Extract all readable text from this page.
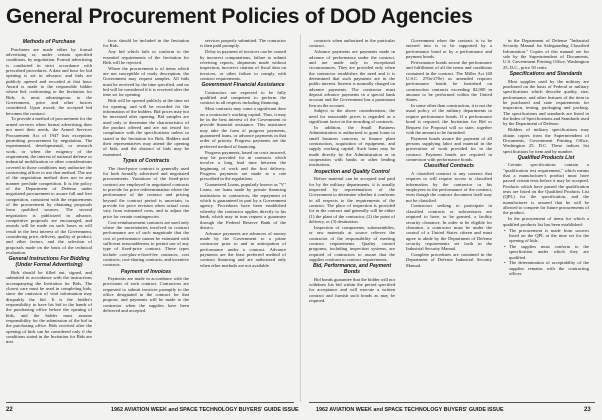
General Procurement Policies of DOD Agencies
Methods of Purchase

Purchases are made either by formal advertising or, under certain specified conditions, by negotiation. Formal advertising is conducted in strict accordance with prescribed procedures. A date and hour for bid opening is set in advance, and bids are publicly opened and recorded at that hour. Award is made to the responsible bidder whose bid, conforming to the Invitation for Bids, is most advantageous to the Government, price and other factors considered. Upon award, the accepted bid becomes the contract.

To provide a method of procurement for the armed services when formal advertising does not meet their needs, the Armed Services Procurement Act of 1947 lists exceptions permitting procurement by negotiation. The experimental, developmental, or research work, or when the exigency of the requirement, the interest of national defense or industrial mobilization or other considerations covered in those conditions may authorize the contracting officer to use that method. The use of the negotiation method does not in any manner preclude competition. It is the policy of the Department of Defense under negotiated procurement to assure full and free competition, consistent with the requirements of the procurement by obtaining proposals from qualified sources. The second negotiation is publicized in advance, competitive proposals are encouraged, and awards will be made on such bases as will result in the best interest of the Government, considering price, delivery, quality of product, and other factors, and the selection of proposals made on the basis of the technical evaluation.

General Instructions For Bidding (Under Formal Advertising)

Bids should be filled out, signed, and submitted in accordance with the instructions accompanying the Invitation for Bids. The closest care must be used in completing bids, since the omission of vital information may disqualify the bid. It is the bidder's responsibility to have his bid in the hands of the purchasing office before the opening of bids, and the bidder must assume responsibility for the submission of the bid in the purchasing office. Bids received after the opening of bids can be considered only if the conditions stated in the Invitation for Bids are met.

facts should be included in the Invitation for Bids.

Any bid which fails to conform to the essential requirements of the Invitation for Bids will be rejected.

Where the procurement is of items which are not susceptible of ready description, the Government may request samples. All bids must be received by the time specified, and no bid will be considered if it is received after the time set for opening.

Bids will be opened publicly at the time set for opening, and will be recorded for the information of the bidders. Bid prices may not be increased after opening. Bid samples are used only to determine the characteristics of the product offered and are not tested for compliance with the specifications unless so stated in the Invitation for Bids. Bidders and their representatives may attend the opening of bids, and the abstract of bids may be examined.

Types of Contracts

The fixed-price contract is generally used for both formally advertised and negotiated procurements. Variations of the fixed-price contract are employed in negotiated contracts to provide for price redetermination where the performance of the contract and pricing beyond the contract period is uncertain, to provide for price revision when actual costs vary from estimated costs, and to adjust the price for certain contingencies.

Cost-reimbursement contracts are used only where the uncertainties involved in contract performance are of such magnitude that the cost of performance cannot be estimated with sufficient reasonableness to permit use of any type of fixed-price contract. These types include cost-plus-a-fixed-fee contracts, cost contracts, cost-sharing contracts, and incentive contracts.

Payment of Invoices

Payments are made in accordance with the provisions of each contract. Contractors are requested to submit invoices promptly to the office designated in the contract for that purpose, and payments will be made to the contractor when the supplies have been delivered and accepted.

services properly submitted. The contractor is then paid promptly.

Delay in payment of invoices can be caused by incorrect computations, failure to submit receiving reports, shipments made without inspection, incorrect citation of fiscal data on invoices, or other failure to comply with contract requirements.

Government Financial Assistance

Contractors are expected to be fully qualified and competent to perform the contract in all respects including financing.

Most contracts may come a significant dose on a contractor's working capital. Thus, it may be in the best interest of the Government to provide financial assistance. This assistance may take the form of progress payments, guaranteed loans, or advance payments in that order of priority. Progress payments are the preferred method of financing.

Progress payments, based on costs incurred, may be provided for in contracts which involve a long lead time between the beginning of work and the first delivery. Progress payments are made at a rate prescribed in the regulations.

Guaranteed Loans, popularly known as "V" Loans, are loans made by private financing institutions to contractors, the repayment of which is guaranteed in part by a Government agency. Procedures have been established whereby the contractor applies directly to his bank, which may in turn request a guarantee through the Federal Reserve Bank of the district.

Advance payments are advances of money made by the Government to a prime contractor prior to and in anticipation of performance under a contract. Advance payments are the least preferred method of contract financing and are authorized only when other methods are not available.

contracts when authorized in the particular contract.

Advance payments are payments made in advance of performance under the contract, and are made only in exceptional circumstances. They are provided only when the contractor establishes the need and it is determined that such payments are in the public interest. Interest is normally charged on advance payments. The contractor must deposit advance payments in a special bank account and the Government has a paramount lien on the account.

Subject to the above considerations, the need for reasonable prices is regarded as a significant factor in the awarding of contracts.

In addition, the Small Business Administration is authorized to grant loans to small business concerns to finance plant construction, acquisition of equipment, and supply working capital. Such loans may be made directly by the Administration or in cooperation with banks or other lending institutions.

Inspection and Quality Control

Before material can be accepted and paid for by the military departments, it is usually inspected by representatives of the Government to determine whether it conforms in all respects to the requirements of the contract. The place of inspection is provided for in the contract and generally will be either (1) the plant of the contractor, (2) the point of delivery, or (3) destination.

Inspection of components, subassemblies, or raw materials at source relieves the contractor of the responsibility of meeting contract requirements. Quality control programs, including inspection systems, are required of contractors to assure that the supplies conform to contract requirements.

Bid, Performance, and Payment Bonds

Bid bonds guarantee that the bidder will not withdraw his bid within the period specified for acceptance and will execute a written contract and furnish such bonds as may be required.

Government when the contract is to be entered into is to be supported by a performance bond or by a performance and payment bonds.

Performance bonds secure the performance and fulfillment of all the terms and conditions contained in the contract. The Miller Act (40 U.S.C. 270a-270e) as amended requires performance bonds be furnished on construction contracts exceeding $2,000 in amount to be performed within the United States.

In some other than construction, it is not the usual policy of the military departments to require performance bonds. If a performance bond is required, the Invitation for Bid or Request for Proposal will so state, together with the amount to be furnished.

Payment bonds assure the payment of all persons supplying labor and material in the prosecution of work provided for in the contract. Payment bonds are required in connection with performance bonds.

Classified Contracts

A classified contract is any contract that requires or will require access to classified information by the contractor or his employees in the performance of the contract, even though the contract document itself may not be classified.

Contractors seeking to participate in classified contracts or subcontracts are required to have, or be granted, a facility security clearance. In order to be eligible for clearance, a contractor must be under the control of a United States citizen and must agree to abide by the Department of Defense security requirements set forth in the Industrial Security Manual.

Complete procedures are contained in the Department of Defense Industrial Security Manual.

in the Department of Defense "Industrial Security Manual for Safeguarding Classified Information." Copies of this manual are for sale by the Superintendent of Documents, U.S. Government Printing Office, Washington 25, D.C., price 50 cents.

Specifications and Standards

Most supplies used by the military are purchased on the basis of Federal or military specifications which describe quality, size, performance, and other features of the item to be purchased and state requirements for inspection, testing, packaging and packing. The specifications and standards are listed in the Index of Specifications and Standards used by the Department of Defense.

Bidders of military specifications may obtain copies from the Superintendent of Documents, Government Printing Office, Washington 25, D.C. These indices list specifications by item and by number.

Qualified Products List

Certain specifications contain a "qualification test requirement," which means that a manufacturer's product must have passed certain tests before it may be accepted. Products which have passed the qualification tests are listed on the Qualified Products List (QPL) for the specification, and the manufacturer is assured that he will be allowed to compete for future procurements of the product.

In the procurement of items for which a qualified products list has been established:

• The procurement is made from sources listed on the QPL at the time set for the opening of bids.
• The supplies must conform to the specification under which they are qualified.
• The determination of acceptability of the supplies remains with the contracting officer.
22	1962 AVIATION WEEK and SPACE TECHNOLOGY BUYERS' GUIDE ISSUE	1962 AVIATION WEEK and SPACE TECHNOLOGY BUYERS' GUIDE ISSUE	23
